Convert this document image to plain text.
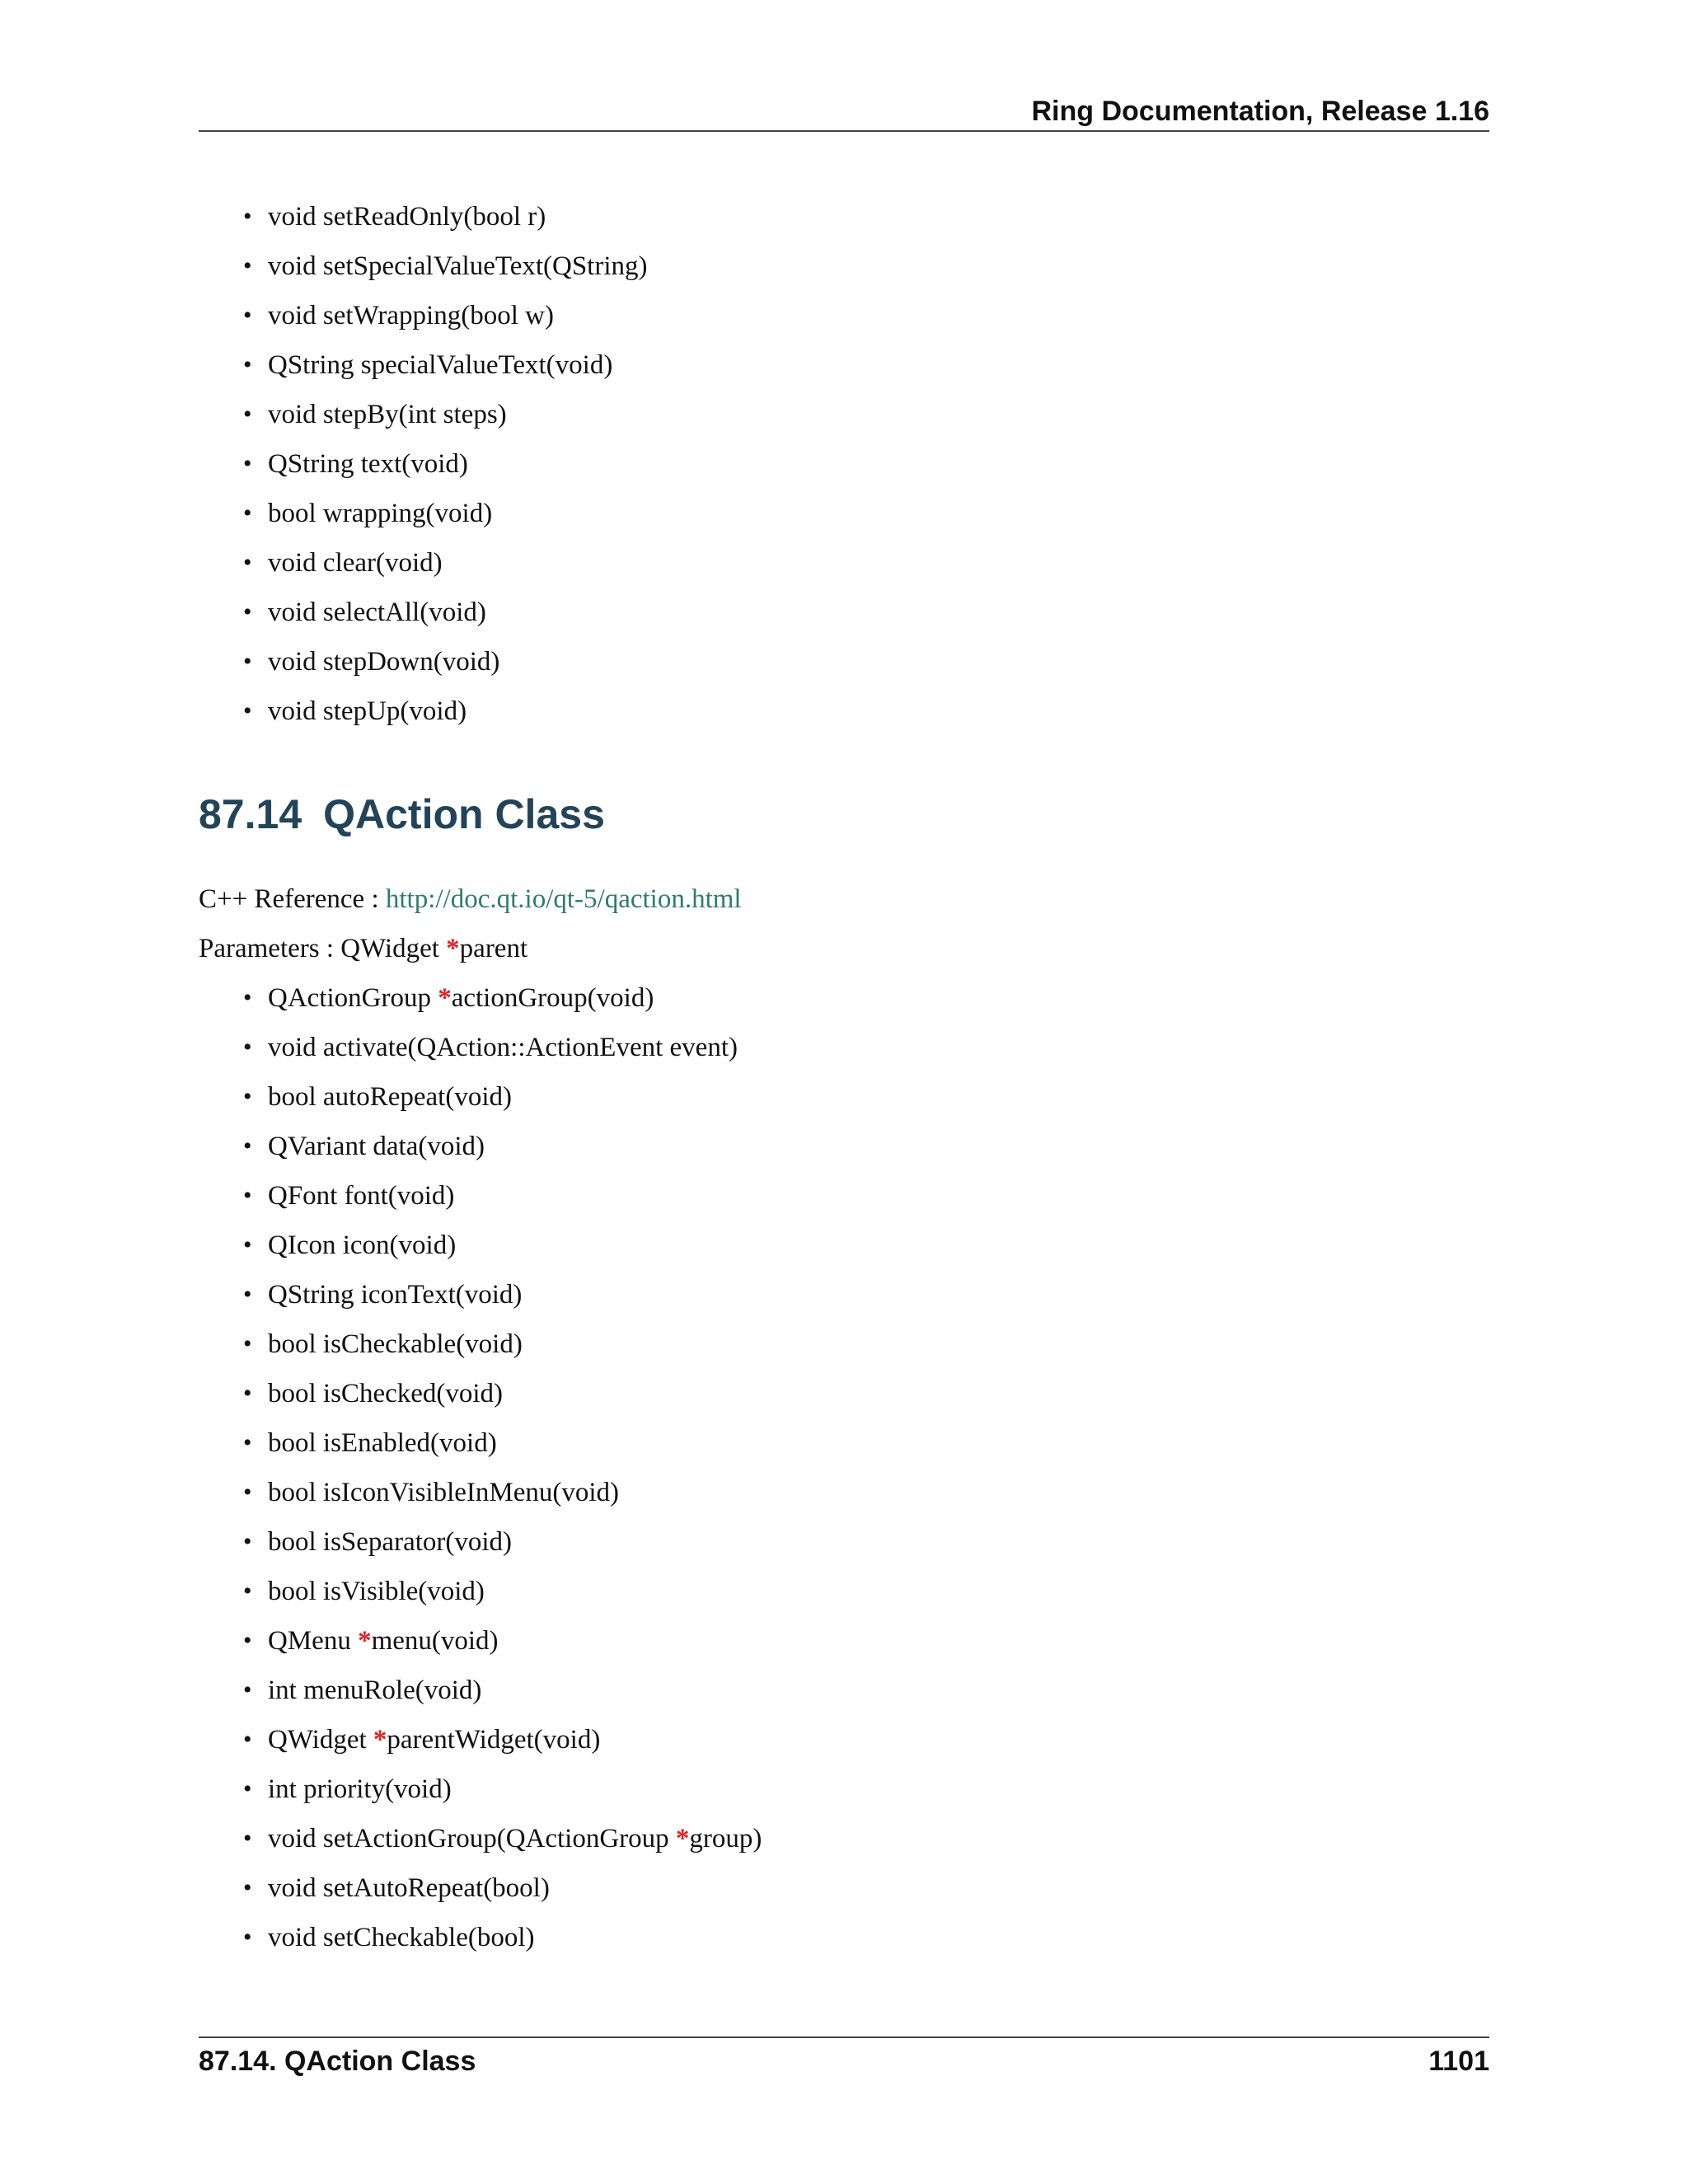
Ring Documentation, Release 1.16
• void setReadOnly(bool r)
• void setSpecialValueText(QString)
• void setWrapping(bool w)
• QString specialValueText(void)
• void stepBy(int steps)
• QString text(void)
• bool wrapping(void)
• void clear(void)
• void selectAll(void)
• void stepDown(void)
• void stepUp(void)
87.14 QAction Class
C++ Reference : http://doc.qt.io/qt-5/qaction.html
Parameters : QWidget *parent
• QActionGroup *actionGroup(void)
• void activate(QAction::ActionEvent event)
• bool autoRepeat(void)
• QVariant data(void)
• QFont font(void)
• QIcon icon(void)
• QString iconText(void)
• bool isCheckable(void)
• bool isChecked(void)
• bool isEnabled(void)
• bool isIconVisibleInMenu(void)
• bool isSeparator(void)
• bool isVisible(void)
• QMenu *menu(void)
• int menuRole(void)
• QWidget *parentWidget(void)
• int priority(void)
• void setActionGroup(QActionGroup *group)
• void setAutoRepeat(bool)
• void setCheckable(bool)
87.14. QAction Class	1101
